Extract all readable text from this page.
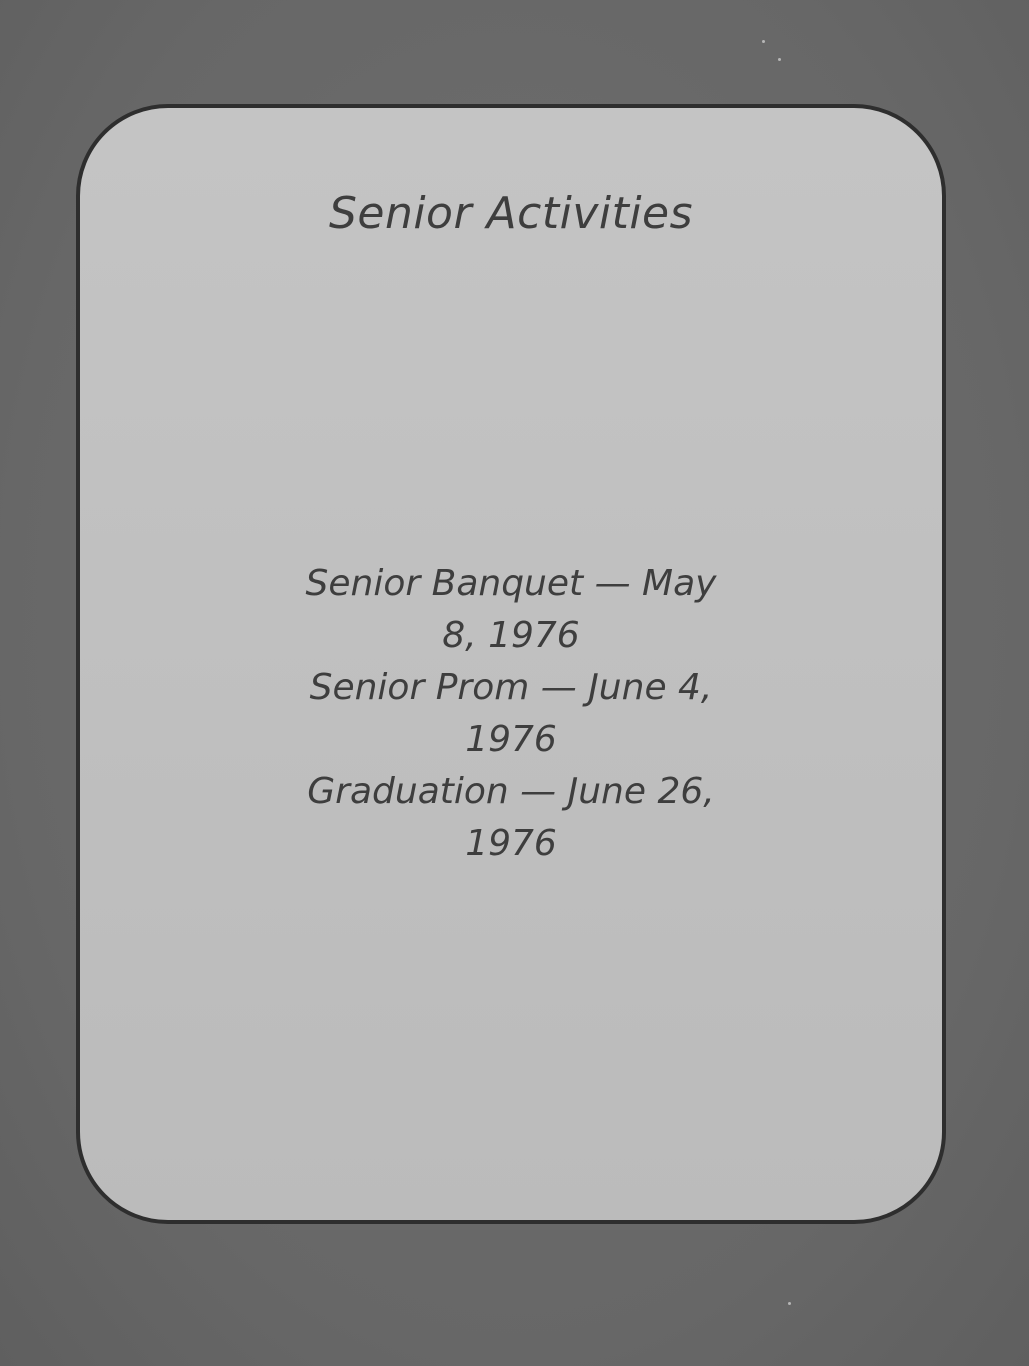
Senior Activities
Senior Banquet — May
8, 1976
Senior Prom — June 4,
1976
Graduation — June 26,
1976
